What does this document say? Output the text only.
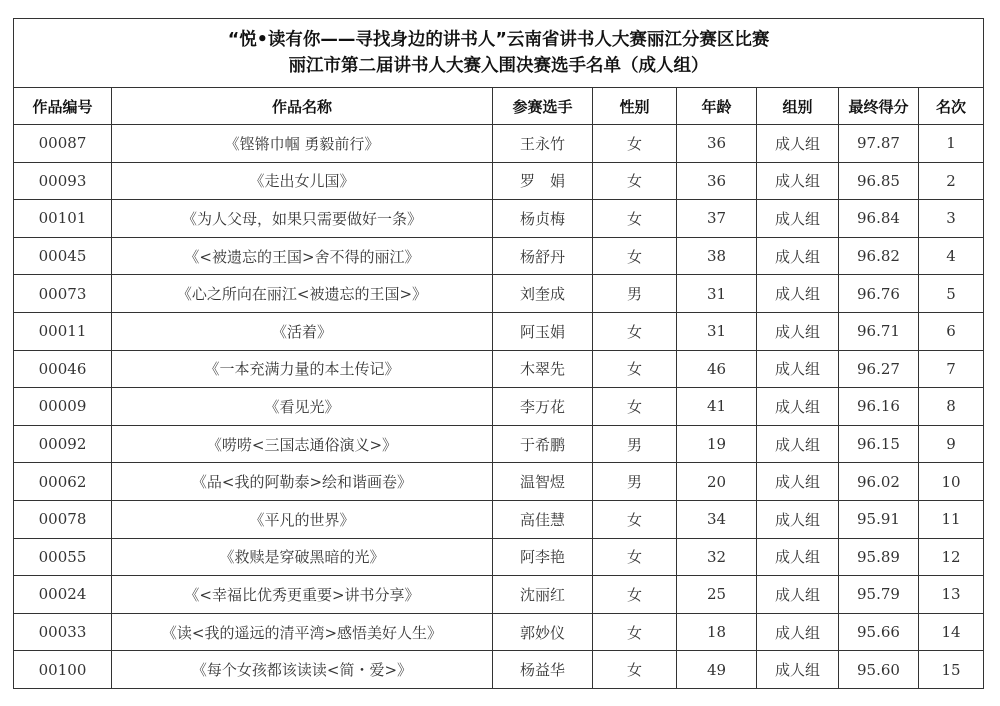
“悦•读有你——寻找身边的讲书人”云南省讲书人大赛丽江分赛区比赛
丽江市第二届讲书人大赛入围决赛选手名单（成人组）							

作品编号	作品名称	参赛选手	性别	年龄	组别	最终得分	名次
00087	《铿锵巾帼 勇毅前行》	王永竹	女	36	成人组	97.87	1
00093	《走出女儿国》	罗　娟	女	36	成人组	96.85	2
00101	《为人父母，如果只需要做好一条》	杨贞梅	女	37	成人组	96.84	3
00045	《<被遗忘的王国>舍不得的丽江》	杨舒丹	女	38	成人组	96.82	4
00073	《心之所向在丽江<被遗忘的王国>》	刘奎成	男	31	成人组	96.76	5
00011	《活着》	阿玉娟	女	31	成人组	96.71	6
00046	《一本充满力量的本土传记》	木翠先	女	46	成人组	96.27	7
00009	《看见光》	李万花	女	41	成人组	96.16	8
00092	《唠唠<三国志通俗演义>》	于希鹏	男	19	成人组	96.15	9
00062	《品<我的阿勒泰>绘和谐画卷》	温智煜	男	20	成人组	96.02	10
00078	《平凡的世界》	高佳慧	女	34	成人组	95.91	11
00055	《救赎是穿破黑暗的光》	阿李艳	女	32	成人组	95.89	12
00024	《<幸福比优秀更重要>讲书分享》	沈丽红	女	25	成人组	95.79	13
00033	《读<我的遥远的清平湾>感悟美好人生》	郭妙仪	女	18	成人组	95.66	14
00100	《每个女孩都该读读<简・爱>》	杨益华	女	49	成人组	95.60	15
